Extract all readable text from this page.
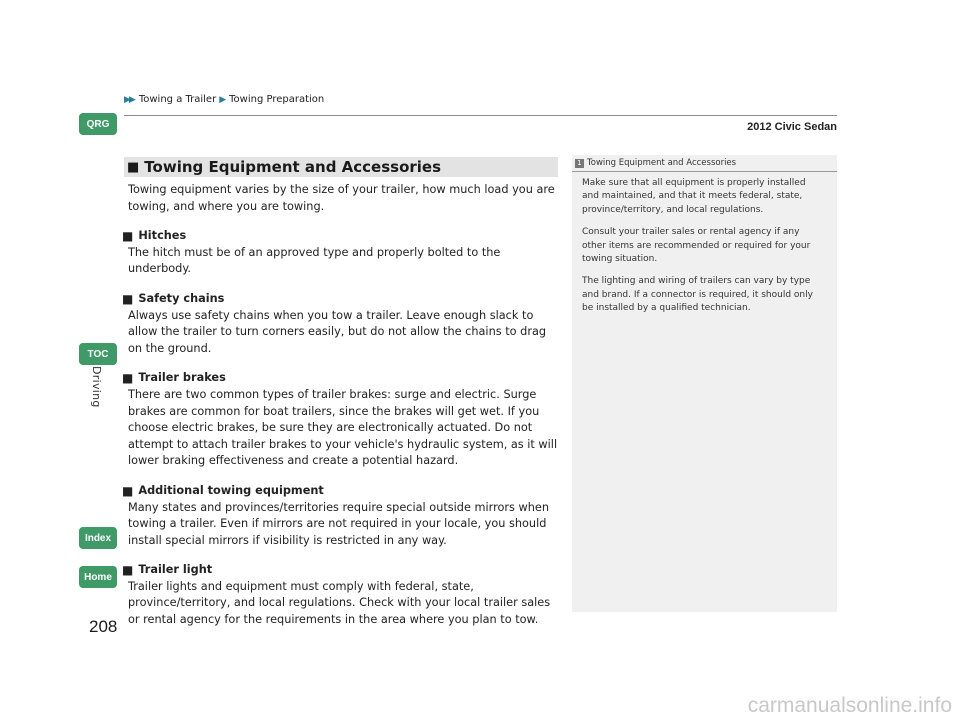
▶▶ Towing a Trailer ▶ Towing Preparation
2012 Civic Sedan
QRG
TOC
Driving
Index
Home
■ Towing Equipment and Accessories

Towing equipment varies by the size of your trailer, how much load you are towing, and where you are towing.

■ Hitches

The hitch must be of an approved type and properly bolted to the underbody.

■ Safety chains

Always use safety chains when you tow a trailer. Leave enough slack to allow the trailer to turn corners easily, but do not allow the chains to drag on the ground.

■ Trailer brakes

There are two common types of trailer brakes: surge and electric. Surge brakes are common for boat trailers, since the brakes will get wet. If you choose electric brakes, be sure they are electronically actuated. Do not attempt to attach trailer brakes to your vehicle's hydraulic system, as it will lower braking effectiveness and create a potential hazard.

■ Additional towing equipment

Many states and provinces/territories require special outside mirrors when towing a trailer. Even if mirrors are not required in your locale, you should install special mirrors if visibility is restricted in any way.

■ Trailer light

Trailer lights and equipment must comply with federal, state, province/territory, and local regulations. Check with your local trailer sales or rental agency for the requirements in the area where you plan to tow.

1 Towing Equipment and Accessories

Make sure that all equipment is properly installed and maintained, and that it meets federal, state, province/territory, and local regulations.

Consult your trailer sales or rental agency if any other items are recommended or required for your towing situation.

The lighting and wiring of trailers can vary by type and brand. If a connector is required, it should only be installed by a qualified technician.

208
carmanualsonline.info
